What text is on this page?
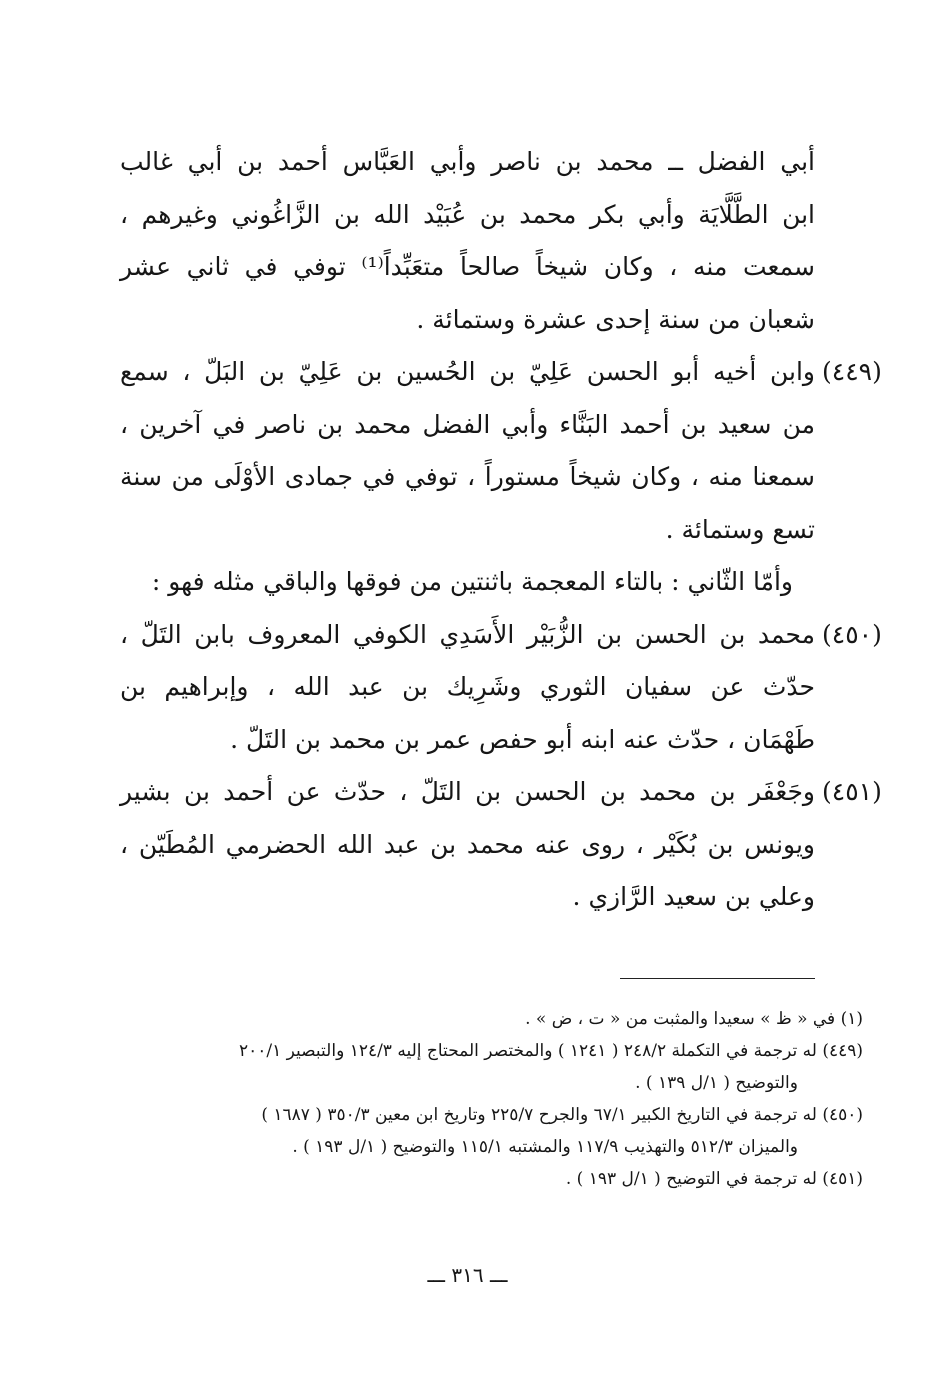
أبي الفضل ــ محمد بن ناصر وأبي العَبَّاس أحمد بن أبي غالب
ابن الطَّلَّايَة وأبي بكر محمد بن عُبَيْد الله بن الزَّاغُوني وغيرهم ،
سمعت منه ، وكان شيخاً صالحاً متعَبِّداً⁽¹⁾ توفي في ثاني عشر
شعبان من سنة إحدى عشرة وستمائة .
(٤٤٩)
وابن أخيه أبو الحسن عَلِيّ بن الحُسين بن عَلِيّ بن البَلّ ، سمع
من سعيد بن أحمد البَنَّاء وأبي الفضل محمد بن ناصر في آخرين ،
سمعنا منه ، وكان شيخاً مستوراً ، توفي في جمادى الأوْلَى من سنة
تسع وستمائة .
وأمّا الثّاني : بالتاء المعجمة باثنتين من فوقها والباقي مثله فهو :
(٤٥٠)
محمد بن الحسن بن الزُّبَيْر الأَسَدِي الكوفي المعروف بابن التَلّ ،
حدّث عن سفيان الثوري وشَرِيك بن عبد الله ، وإبراهيم بن
طَهْمَان ، حدّث عنه ابنه أبو حفص عمر بن محمد بن التَلّ .
(٤٥١)
وجَعْفَر بن محمد بن الحسن بن التَلّ ، حدّث عن أحمد بن بشير
ويونس بن بُكَيْر ، روى عنه محمد بن عبد الله الحضرمي المُطَيّن ،
وعلي بن سعيد الرَّازي .
(١) في « ظ » سعيدا والمثبت من « ت ، ض » .
(٤٤٩) له ترجمة في التكملة ٢٤٨/٢ ( ١٢٤١ ) والمختصر المحتاج إليه ١٢٤/٣ والتبصير ٢٠٠/١
والتوضيح ( ١/ل ١٣٩ ) .
(٤٥٠) له ترجمة في التاريخ الكبير ٦٧/١ والجرح ٢٢٥/٧ وتاريخ ابن معين ٣٥٠/٣ ( ١٦٨٧ )
والميزان ٥١٢/٣ والتهذيب ١١٧/٩ والمشتبه ١١٥/١ والتوضيح ( ١/ل ١٩٣ ) .
(٤٥١) له ترجمة في التوضيح ( ١/ل ١٩٣ ) .
ـــ ٣١٦ ـــ
